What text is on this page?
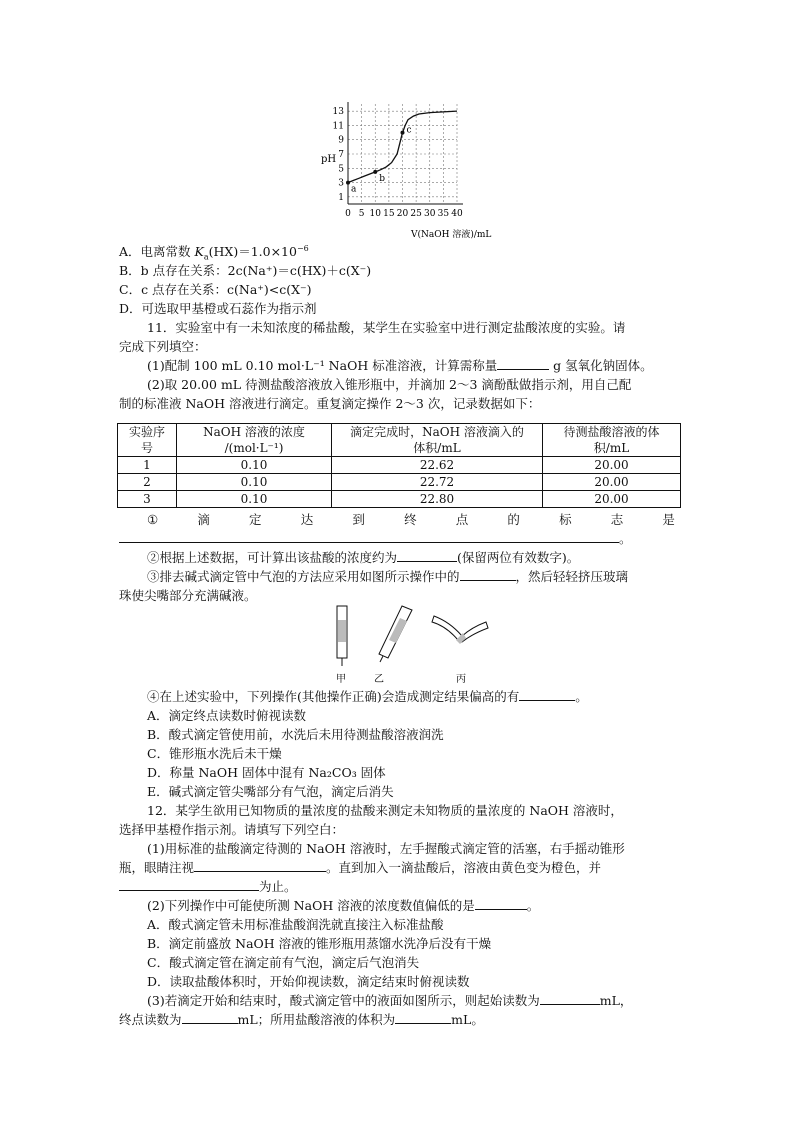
0 5 10 15 20 25 30 35 40
1
3
5
7
9
11
13
a
b
c
pH
V(NaOH 溶液)/mL
A．电离常数 $K_a(HX)=1.0\times 10^{-6}$
B．b 点存在关系：2c(Na⁺)＝c(HX)＋c(X⁻)
C．c 点存在关系：c(Na⁺)<c(X⁻)
D．可选取甲基橙或石蕊作为指示剂
11．实验室中有一未知浓度的稀盐酸，某学生在实验室中进行测定盐酸浓度的实验。请
完成下列填空：
(1)配制 100 mL 0.10 mol·L⁻¹ NaOH 标准溶液，计算需称量	g 氢氧化钠固体。
(2)取 20.00 mL 待测盐酸溶液放入锥形瓶中，并滴加 2～3 滴酚酞做指示剂，用自己配
制的标准液 NaOH 溶液进行滴定。重复滴定操作 2～3 次，记录数据如下：
实验序
号	NaOH 溶液的浓度
/(mol·L⁻¹)	滴定完成时，NaOH 溶液滴入的
体积/mL	待测盐酸溶液的体
积/mL
1	0.10	22.62	20.00
2	0.10	22.72	20.00
3	0.10	22.80	20.00
①	滴	定	达	到	终	点	的	标	志	是
。
②根据上述数据，可计算出该盐酸的浓度约为	(保留两位有效数字)。
③排去碱式滴定管中气泡的方法应采用如图所示操作中的	，然后轻轻挤压玻璃
珠使尖嘴部分充满碱液。
甲	乙	丙
④在上述实验中，下列操作(其他操作正确)会造成测定结果偏高的有	。
A．滴定终点读数时俯视读数
B．酸式滴定管使用前，水洗后未用待测盐酸溶液润洗
C．锥形瓶水洗后未干燥
D．称量 NaOH 固体中混有 Na₂CO₃ 固体
E．碱式滴定管尖嘴部分有气泡，滴定后消失
12．某学生欲用已知物质的量浓度的盐酸来测定未知物质的量浓度的 NaOH 溶液时，
选择甲基橙作指示剂。请填写下列空白：
(1)用标准的盐酸滴定待测的 NaOH 溶液时，左手握酸式滴定管的活塞，右手摇动锥形
瓶，眼睛注视	。直到加入一滴盐酸后，溶液由黄色变为橙色，并
为止。
(2)下列操作中可能使所测 NaOH 溶液的浓度数值偏低的是	。
A．酸式滴定管未用标准盐酸润洗就直接注入标准盐酸
B．滴定前盛放 NaOH 溶液的锥形瓶用蒸馏水洗净后没有干燥
C．酸式滴定管在滴定前有气泡，滴定后气泡消失
D．读取盐酸体积时，开始仰视读数，滴定结束时俯视读数
(3)若滴定开始和结束时，酸式滴定管中的液面如图所示，则起始读数为	mL，
终点读数为	mL；所用盐酸溶液的体积为	mL。
